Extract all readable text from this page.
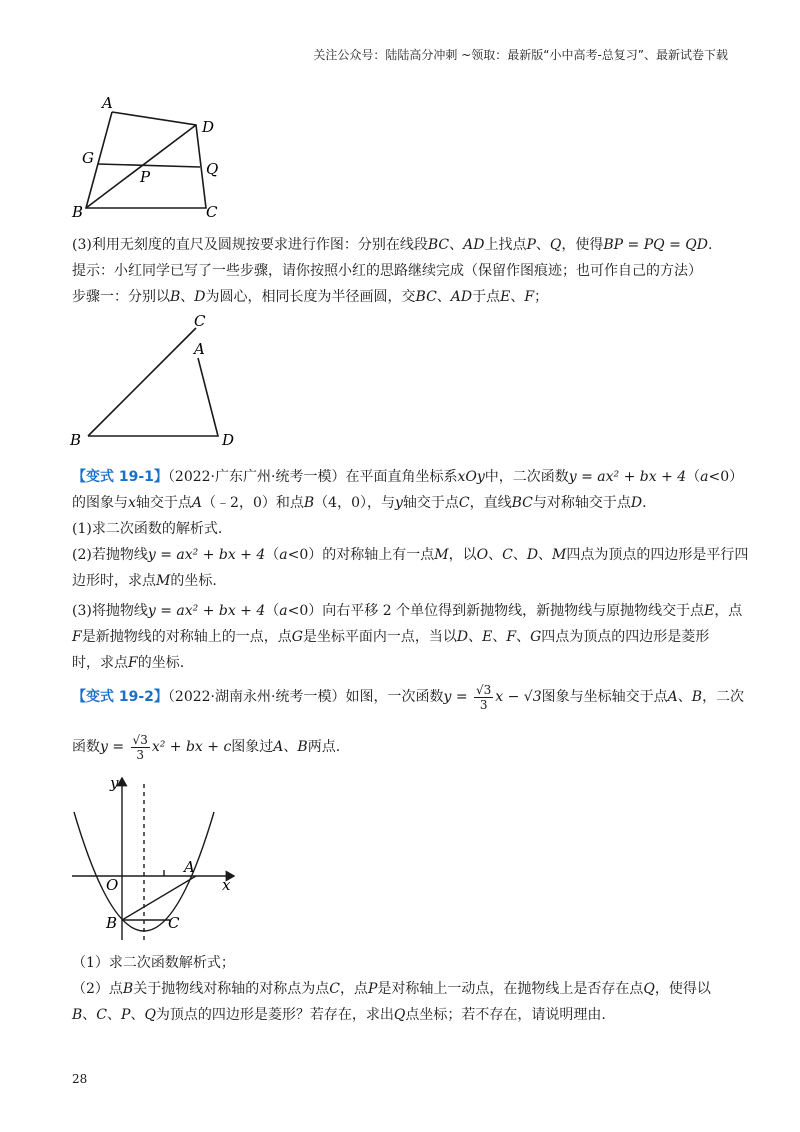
关注公众号：陆陆高分冲刺 ~领取：最新版“小中高考-总复习”、最新试卷下载
A
D
G
P	Q
B	C
(3)利用无刻度的直尺及圆规按要求进行作图：分别在线段BC、AD上找点P、Q，使得BP = PQ = QD.
提示：小红同学已写了一些步骤，请你按照小红的思路继续完成（保留作图痕迹；也可作自己的方法）
步骤一：分别以B、D为圆心，相同长度为半径画圆，交BC、AD于点E、F；
C
A
B	D
【变式 19-1】（2022·广东广州·统考一模）在平面直角坐标系xOy中，二次函数y = ax² + bx + 4（a<0）
的图象与x轴交于点A（﹣2，0）和点B（4，0），与y轴交于点C，直线BC与对称轴交于点D.
(1)求二次函数的解析式.
(2)若抛物线y = ax² + bx + 4（a<0）的对称轴上有一点M，以O、C、D、M四点为顶点的四边形是平行四
边形时，求点M的坐标.
(3)将抛物线y = ax² + bx + 4（a<0）向右平移 2 个单位得到新抛物线，新抛物线与原抛物线交于点E，点
F是新抛物线的对称轴上的一点，点G是坐标平面内一点，当以D、E、F、G四点为顶点的四边形是菱形
时，求点F的坐标.
【变式 19-2】（2022·湖南永州·统考一模）如图，一次函数$y = \frac{√3}{3}$ x − √3图象与坐标轴交于点A、B，二次
函数$y = \frac{√3}{3} x^2$ + bx + c图象过A、B两点.
y
x
O
A
B	C
（1）求二次函数解析式；
（2）点B关于抛物线对称轴的对称点为点C，点P是对称轴上一动点，在抛物线上是否存在点Q，使得以
B、C、P、Q为顶点的四边形是菱形？若存在，求出Q点坐标；若不存在，请说明理由.
28
